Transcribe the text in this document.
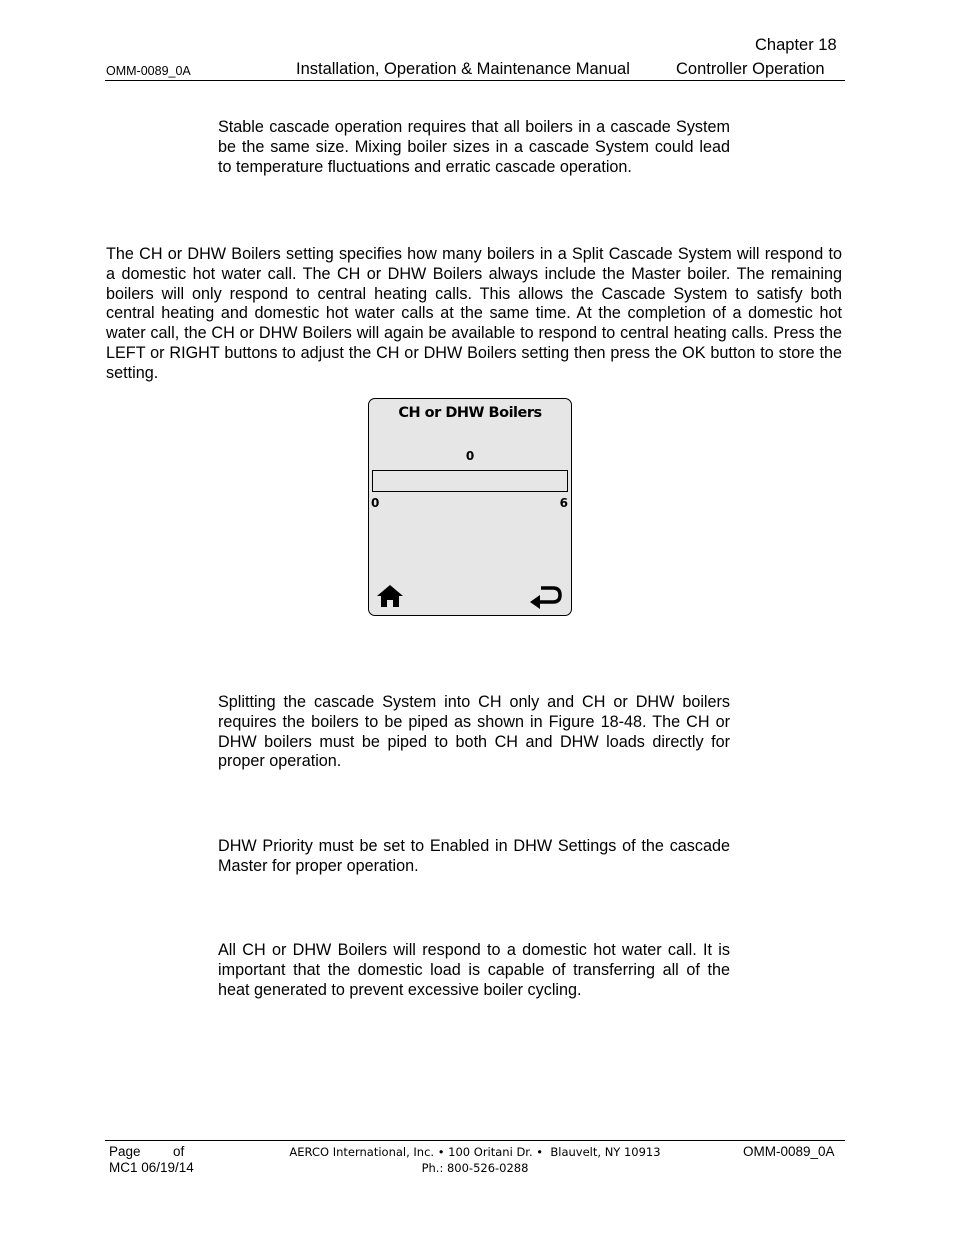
Chapter 18
OMM-0089_0A	Installation, Operation & Maintenance Manual	Controller Operation
Stable cascade operation requires that all boilers in a cascade System be the same size. Mixing boiler sizes in a cascade System could lead to temperature fluctuations and erratic cascade operation.
The CH or DHW Boilers setting specifies how many boilers in a Split Cascade System will respond to a domestic hot water call. The CH or DHW Boilers always include the Master boiler. The remaining boilers will only respond to central heating calls. This allows the Cascade System to satisfy both central heating and domestic hot water calls at the same time. At the completion of a domestic hot water call, the CH or DHW Boilers will again be available to respond to central heating calls. Press the LEFT or RIGHT buttons to adjust the CH or DHW Boilers setting then press the OK button to store the setting.
CH or DHW Boilers
0
0	6
Splitting the cascade System into CH only and CH or DHW boilers requires the boilers to be piped as shown in Figure 18-48. The CH or DHW boilers must be piped to both CH and DHW loads directly for proper operation.
DHW Priority must be set to Enabled in DHW Settings of the cascade Master for proper operation.
All CH or DHW Boilers will respond to a domestic hot water call. It is important that the domestic load is capable of transferring all of the heat generated to prevent excessive boiler cycling.
Page of
MC1 06/19/14
AERCO International, Inc. • 100 Oritani Dr. •  Blauvelt, NY 10913
Ph.: 800-526-0288
OMM-0089_0A
